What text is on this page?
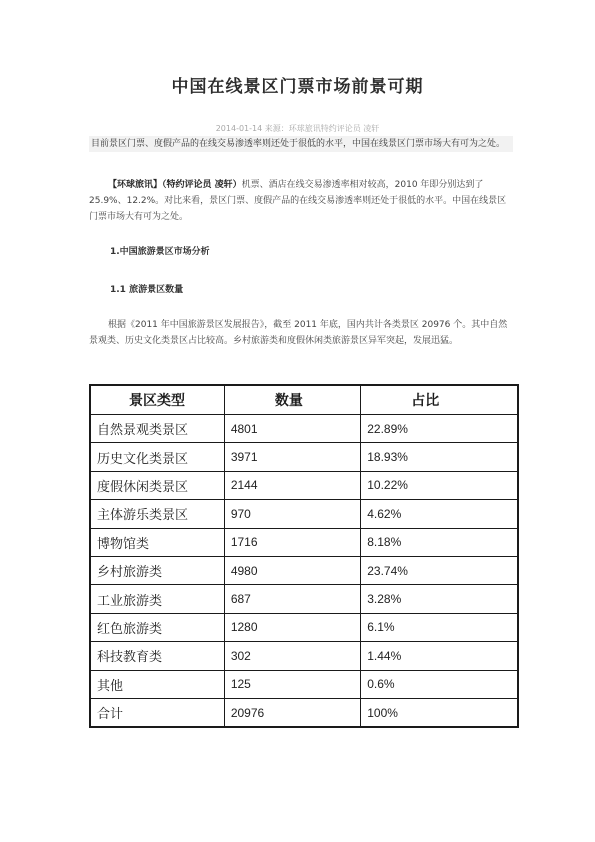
中国在线景区门票市场前景可期
2014-01-14 来源：环球旅讯特约评论员 凌轩
目前景区门票、度假产品的在线交易渗透率则还处于很低的水平，中国在线景区门票市场大有可为之处。
【环球旅讯】（特约评论员 凌轩）机票、酒店在线交易渗透率相对较高，2010 年即分别达到了 25.9%、12.2%。对比来看，景区门票、度假产品的在线交易渗透率则还处于很低的水平。中国在线景区门票市场大有可为之处。
1.中国旅游景区市场分析
1.1 旅游景区数量
根据《2011 年中国旅游景区发展报告》，截至 2011 年底，国内共计各类景区 20976 个。其中自然景观类、历史文化类景区占比较高。乡村旅游类和度假休闲类旅游景区异军突起，发展迅猛。
景区类型	数量	占比
自然景观类景区	4801	22.89%
历史文化类景区	3971	18.93%
度假休闲类景区	2144	10.22%
主体游乐类景区	970	4.62%
博物馆类	1716	8.18%
乡村旅游类	4980	23.74%
工业旅游类	687	3.28%
红色旅游类	1280	6.1%
科技教育类	302	1.44%
其他	125	0.6%
合计	20976	100%
